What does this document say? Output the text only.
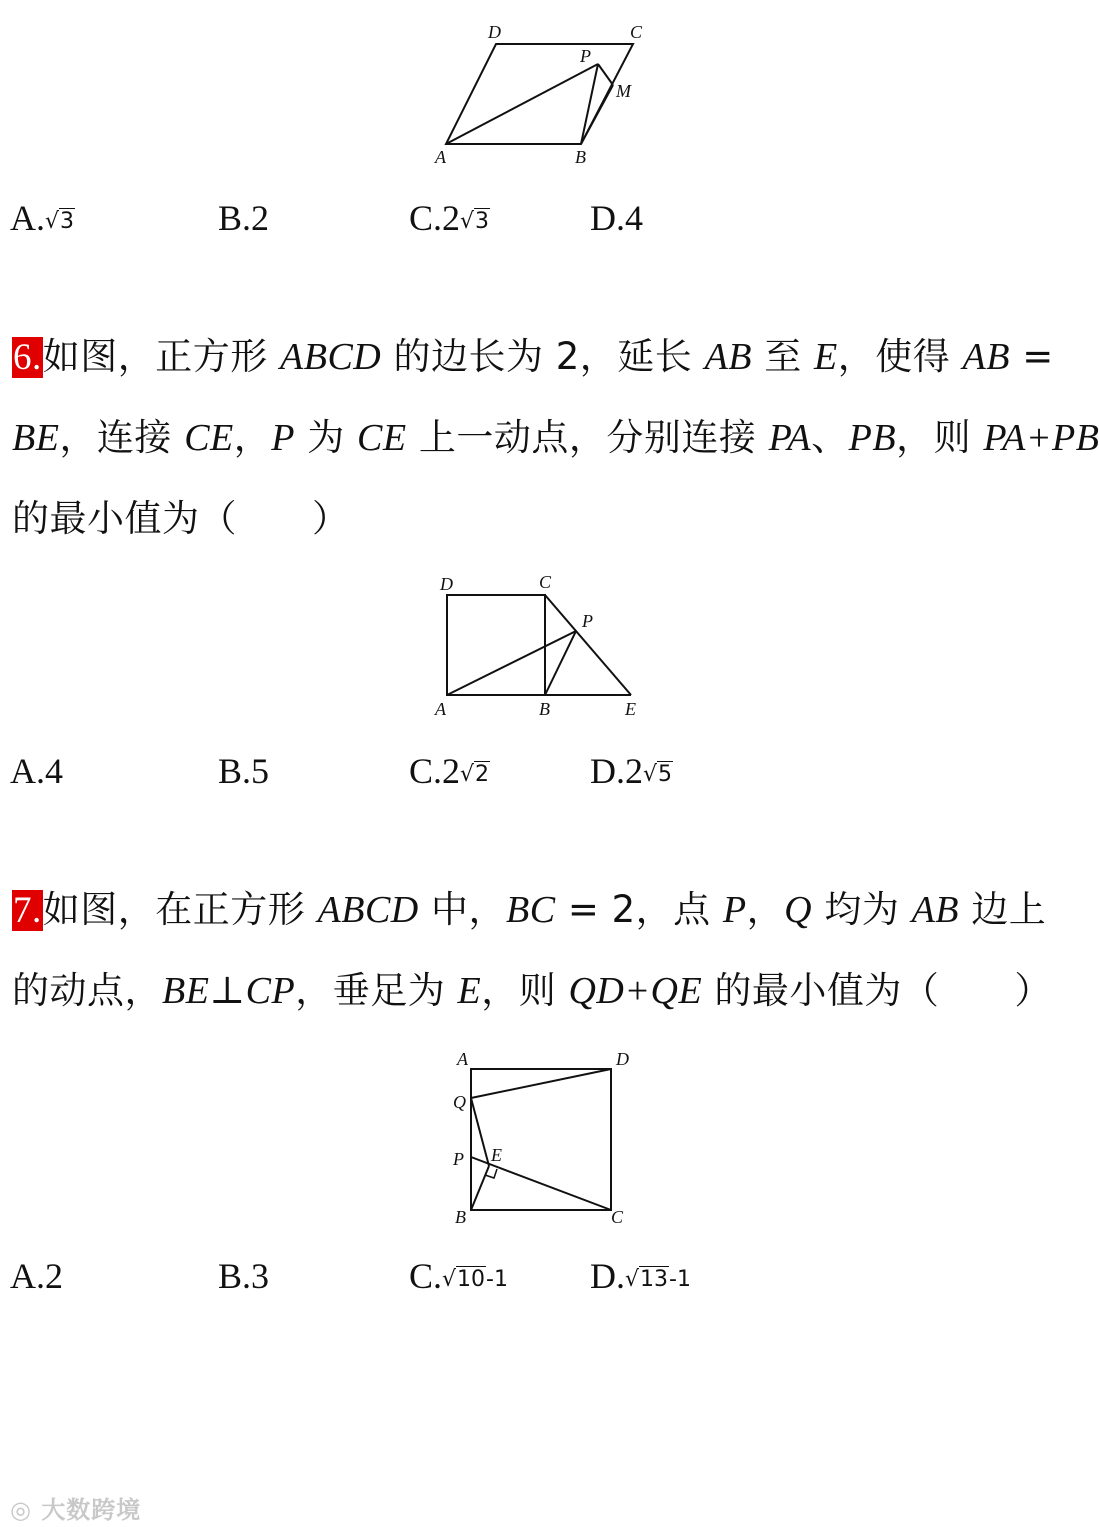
D	C
P
M
A	B
A.√3	B.2	C.2√3	D.4
6.如图，正方形 ABCD 的边长为 2，延长 AB 至 E，使得 AB =
BE，连接 CE，P 为 CE 上一动点，分别连接 PA、PB，则 PA+PB
的最小值为（　　）
D	C
P
A	B	E
A.4	B.5	C.2√2	D.2√5
7.如图，在正方形 ABCD 中，BC = 2，点 P，Q 均为 AB 边上
的动点，BE⊥CP，垂足为 E，则 QD+QE 的最小值为（　　）
A	D
Q
P E
B	C
A.2	B.3	C.√10-1 D.√13-1
◎ 大数跨境
